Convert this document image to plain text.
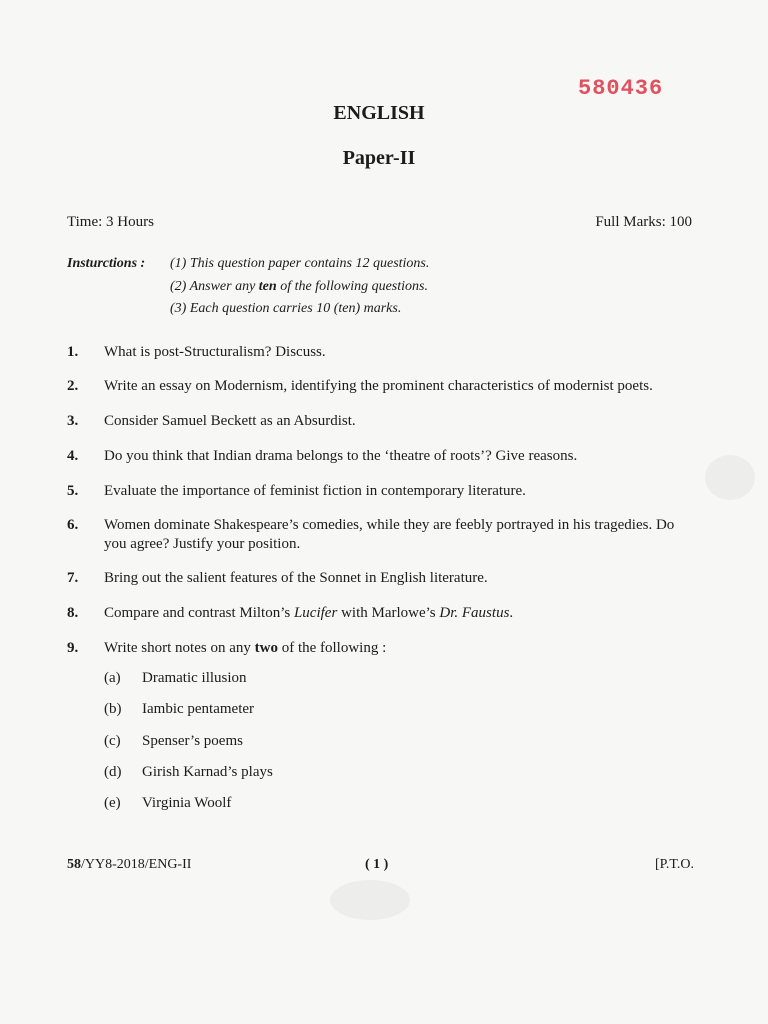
580436
ENGLISH
Paper-II
Time: 3 Hours	Full Marks: 100
Insturctions : (1) This question paper contains 12 questions.
(2) Answer any ten of the following questions.
(3) Each question carries 10 (ten) marks.
1. What is post-Structuralism? Discuss.
2. Write an essay on Modernism, identifying the prominent characteristics of modernist poets.
3. Consider Samuel Beckett as an Absurdist.
4. Do you think that Indian drama belongs to the ‘theatre of roots’? Give reasons.
5. Evaluate the importance of feminist fiction in contemporary literature.
6. Women dominate Shakespeare’s comedies, while they are feebly portrayed in his tragedies. Do you agree? Justify your position.
7. Bring out the salient features of the Sonnet in English literature.
8. Compare and contrast Milton’s Lucifer with Marlowe’s Dr. Faustus.
9. Write short notes on any two of the following :
(a) Dramatic illusion
(b) Iambic pentameter
(c) Spenser’s poems
(d) Girish Karnad’s plays
(e) Virginia Woolf
58/YY8-2018/ENG-II	( 1 )	[P.T.O.
